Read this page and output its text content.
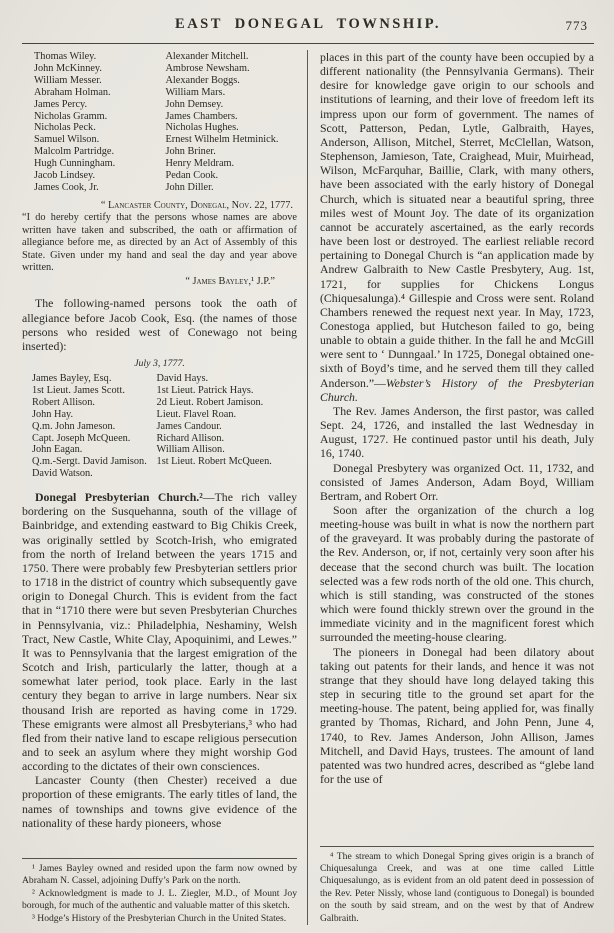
EAST DONEGAL TOWNSHIP.	773
Thomas Wiley.
John McKinney.
William Messer.
Abraham Holman.
James Percy.
Nicholas Gramm.
Nicholas Peck.
Samuel Wilson.
Malcolm Partridge.
Hugh Cunningham.
Jacob Lindsey.
James Cook, Jr.
Alexander Mitchell.
Ambrose Newsham.
Alexander Boggs.
William Mars.
John Demsey.
James Chambers.
Nicholas Hughes.
Ernest Wilhelm Hetminick.
John Briner.
Henry Meldram.
Pedan Cook.
John Diller.

“ Lancaster County, Donegal, Nov. 22, 1777.

“I do hereby certify that the persons whose names are above written have taken and subscribed, the oath or affirmation of allegiance before me, as directed by an Act of Assembly of this State. Given under my hand and seal the day and year above written.

“ James Bayley,¹ J.P.”

The following-named persons took the oath of allegiance before Jacob Cook, Esq. (the names of those persons who resided west of Conewago not being inserted):

July 3, 1777.
James Bayley, Esq.
1st Lieut. James Scott.
Robert Allison.
John Hay.
Q.m. John Jameson.
Capt. Joseph McQueen.
John Eagan.
Q.m.-Sergt. David Jamison.
David Watson.
David Hays.
1st Lieut. Patrick Hays.
2d Lieut. Robert Jamison.
Lieut. Flavel Roan.
James Candour.
Richard Allison.
William Allison.
1st Lieut. Robert McQueen.

Donegal Presbyterian Church.²—The rich valley bordering on the Susquehanna, south of the village of Bainbridge, and extending eastward to Big Chikis Creek, was originally settled by Scotch-Irish, who emigrated from the north of Ireland between the years 1715 and 1750. There were probably few Presbyterian settlers prior to 1718 in the district of country which subsequently gave origin to Donegal Church. This is evident from the fact that in “1710 there were but seven Presbyterian Churches in Pennsylvania, viz.: Philadelphia, Neshaminy, Welsh Tract, New Castle, White Clay, Apoquinimi, and Lewes.” It was to Pennsylvania that the largest emigration of the Scotch and Irish, particularly the latter, though at a somewhat later period, took place. Early in the last century they began to arrive in large numbers. Near six thousand Irish are reported as having come in 1729. These emigrants were almost all Presbyterians,³ who had fled from their native land to escape religious persecution and to seek an asylum where they might worship God according to the dictates of their own consciences.

Lancaster County (then Chester) received a due proportion of these emigrants. The early titles of land, the names of townships and towns give evidence of the nationality of these hardy pioneers, whose

¹ James Bayley owned and resided upon the farm now owned by Abraham N. Cassel, adjoining Duffy’s Park on the north.
² Acknowledgment is made to J. L. Ziegler, M.D., of Mount Joy borough, for much of the authentic and valuable matter of this sketch.
³ Hodge’s History of the Presbyterian Church in the United States.

places in this part of the county have been occupied by a different nationality (the Pennsylvania Germans). Their desire for knowledge gave origin to our schools and institutions of learning, and their love of freedom left its impress upon our form of government. The names of Scott, Patterson, Pedan, Lytle, Galbraith, Hayes, Anderson, Allison, Mitchel, Sterret, McClellan, Watson, Stephenson, Jamieson, Tate, Craighead, Muir, Muirhead, Wilson, McFarquhar, Baillie, Clark, with many others, have been associated with the early history of Donegal Church, which is situated near a beautiful spring, three miles west of Mount Joy. The date of its organization cannot be accurately ascertained, as the early records have been lost or destroyed. The earliest reliable record pertaining to Donegal Church is “an application made by Andrew Galbraith to New Castle Presbytery, Aug. 1st, 1721, for supplies for Chickens Longus (Chiquesalunga).⁴ Gillespie and Cross were sent. Roland Chambers renewed the request next year. In May, 1723, Conestoga applied, but Hutcheson failed to go, being unable to obtain a guide thither. In the fall he and McGill were sent to ‘ Dunngaal.’ In 1725, Donegal obtained one-sixth of Boyd’s time, and he served them till they called Anderson.”—Webster’s History of the Presbyterian Church.

The Rev. James Anderson, the first pastor, was called Sept. 24, 1726, and installed the last Wednesday in August, 1727. He continued pastor until his death, July 16, 1740.

Donegal Presbytery was organized Oct. 11, 1732, and consisted of James Anderson, Adam Boyd, William Bertram, and Robert Orr.

Soon after the organization of the church a log meeting-house was built in what is now the northern part of the graveyard. It was probably during the pastorate of the Rev. Anderson, or, if not, certainly very soon after his decease that the second church was built. The location selected was a few rods north of the old one. This church, which is still standing, was constructed of the stones which were found thickly strewn over the ground in the immediate vicinity and in the magnificent forest which surrounded the meeting-house clearing.

The pioneers in Donegal had been dilatory about taking out patents for their lands, and hence it was not strange that they should have long delayed taking this step in securing title to the ground set apart for the meeting-house. The patent, being applied for, was finally granted by Thomas, Richard, and John Penn, June 4, 1740, to Rev. James Anderson, John Allison, James Mitchell, and David Hays, trustees. The amount of land patented was two hundred acres, described as “glebe land for the use of

⁴ The stream to which Donegal Spring gives origin is a branch of Chiquesalunga Creek, and was at one time called Little Chiquesalungo, as is evident from an old patent deed in possession of the Rev. Peter Nissly, whose land (contiguous to Donegal) is bounded on the south by said stream, and on the west by that of Andrew Galbraith.
